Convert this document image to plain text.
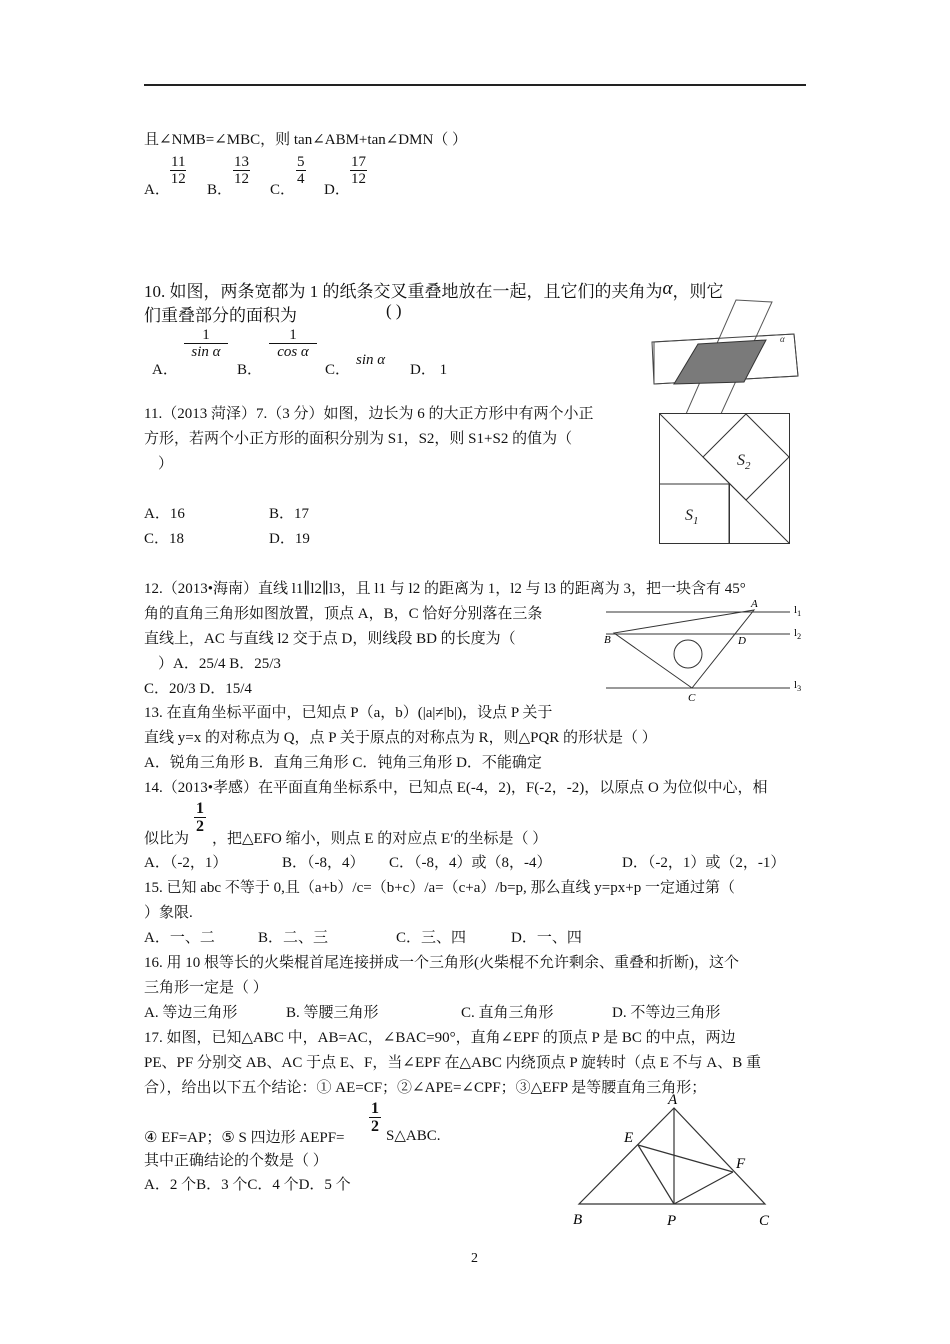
且∠NMB=∠MBC，则 tan∠ABM+tan∠DMN（ ）
A．
$\frac{11}{12}$
B．
$\frac{13}{12}$
C．
$\frac{5}{4}$
D．
$\frac{17}{12}$
10. 如图，两条宽都为 1 的纸条交叉重叠地放在一起，且它们的夹角为α，则它
们重叠部分的面积为	( )
A．
$\frac{1}{\text{sin α}}$
B．
$\frac{1}{\text{cos α}}$
C．
sin α
D． 1
α
11.（2013 菏泽）7.（3 分）如图，边长为 6 的大正方形中有两个小正
方形，若两个小正方形的面积分别为 S1，S2，则 S1+S2 的值为（
）
A．16	B．17
C．18	D．19
$S_2$
$S_1$
12.（2013•海南）直线 l1∥l2∥l3，且 l1 与 l2 的距离为 1，l2 与 l3 的距离为 3，把一块含有 45°
角的直角三角形如图放置，顶点 A，B，C 恰好分别落在三条
直线上，AC 与直线 l2 交于点 D，则线段 BD 的长度为（
）A．25/4 B．25/3
C．20/3 D．15/4
A
B	D
C
$l_1$
$l_2$
$l_3$
13. 在直角坐标平面中，已知点 P（a，b）(|a|≠|b|)，设点 P 关于
直线 y=x 的对称点为 Q，点 P 关于原点的对称点为 R，则△PQR 的形状是（ ）
A．锐角三角形 B．直角三角形 C．钝角三角形 D．不能确定
14.（2013•孝感）在平面直角坐标系中，已知点 E(-4，2)，F(-2，-2)，以原点 O 为位似中心，相
$\frac{1}{2}$
似比为 ，把△EFO 缩小，则点 E 的对应点 E′的坐标是（ ）
A．（-2，1）	B．（-8，4） C．（-8，4）或（8，-4）	D．（-2，1）或（2，-1）
15. 已知 abc 不等于 0,且（a+b）/c=（b+c）/a=（c+a）/b=p, 那么直线 y=px+p 一定通过第（
）象限.
A．一、二	B．二、三	C．三、四	D．一、四
16. 用 10 根等长的火柴棍首尾连接拼成一个三角形(火柴棍不允许剩余、重叠和折断)，这个
三角形一定是（ ）
A. 等边三角形	B. 等腰三角形	C. 直角三角形	D. 不等边三角形
17. 如图，已知△ABC 中，AB=AC，∠BAC=90°，直角∠EPF 的顶点 P 是 BC 的中点，两边
PE、PF 分别交 AB、AC 于点 E、F，当∠EPF 在△ABC 内绕顶点 P 旋转时（点 E 不与 A、B 重
合），给出以下五个结论：① AE=CF；②∠APE=∠CPF；③△EFP 是等腰直角三角形；
④ EF=AP；⑤ S 四边形 AEPF=
$\frac{1}{2}$
S△ABC.
其中正确结论的个数是（ ）
A．2 个B．3 个C．4 个D．5 个
A
E
F
B	P	C
2
